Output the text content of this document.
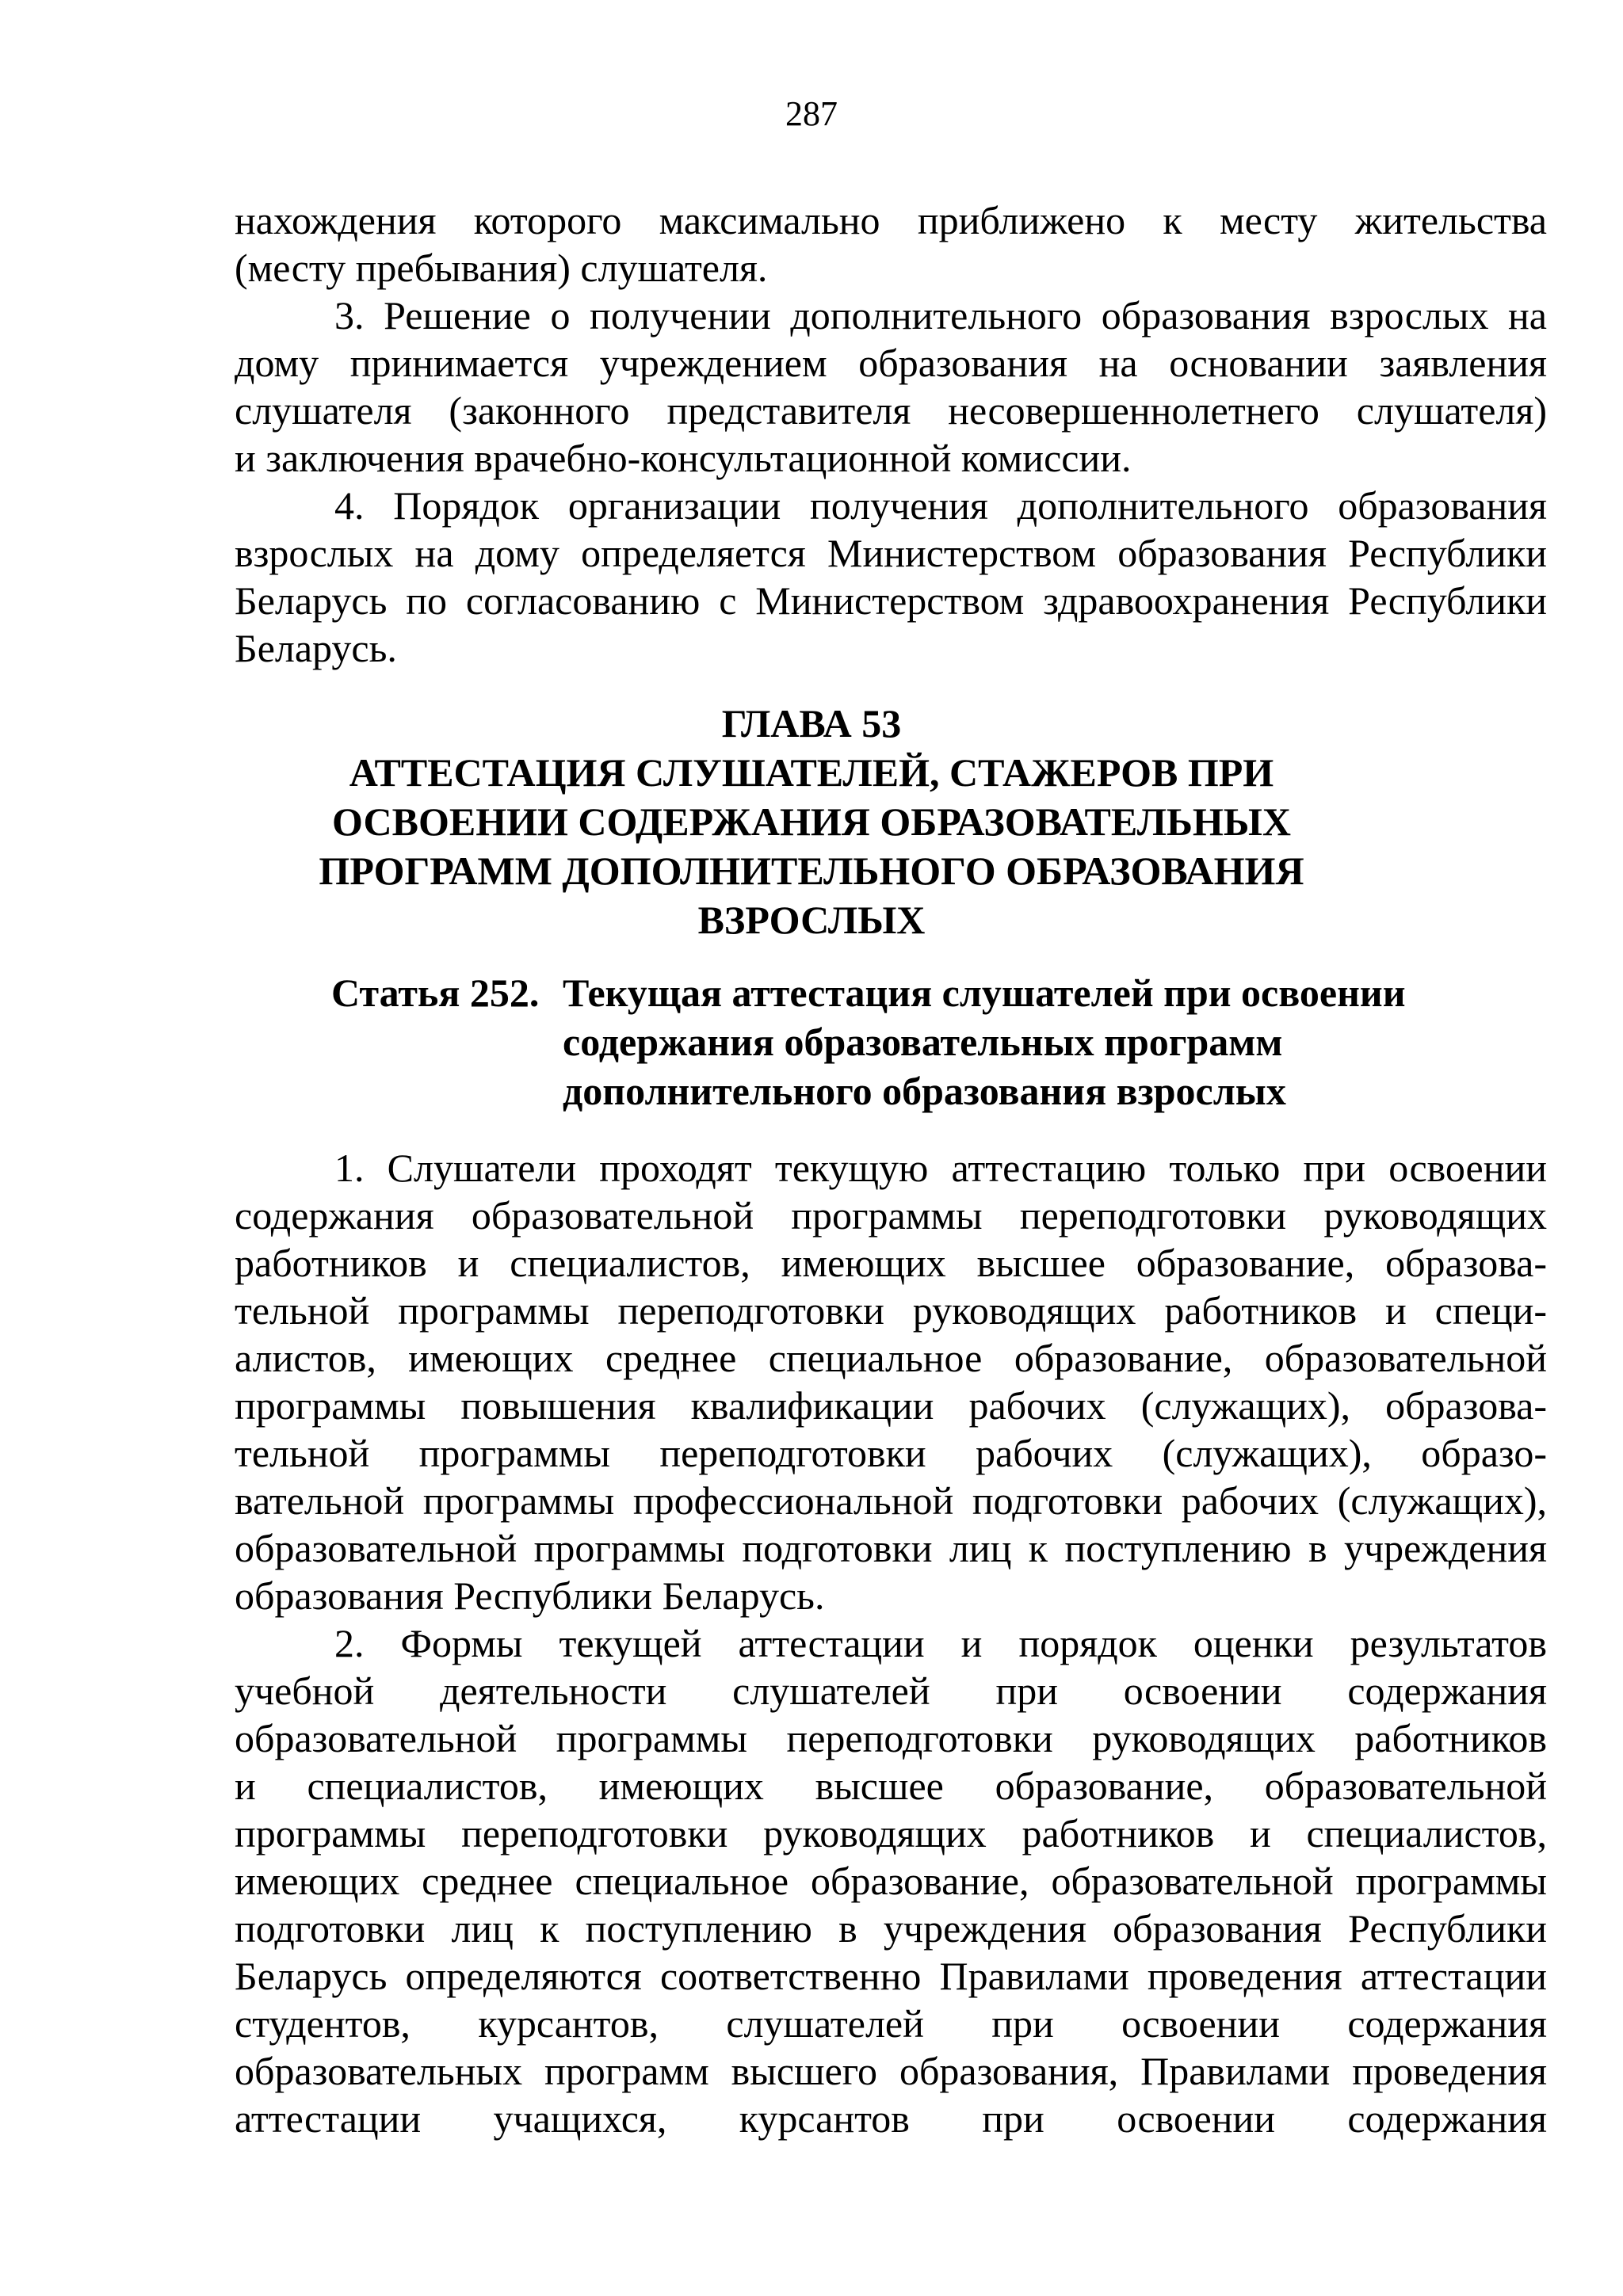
287
нахождения которого максимально приближено к месту жительства
(месту пребывания) слушателя.
3. Решение о получении дополнительного образования взрослых на
дому принимается учреждением образования на основании заявления
слушателя (законного представителя несовершеннолетнего слушателя)
и заключения врачебно-консультационной комиссии.
4. Порядок организации получения дополнительного образования
взрослых на дому определяется Министерством образования Республики
Беларусь по согласованию с Министерством здравоохранения Республики
Беларусь.
ГЛАВА 53
АТТЕСТАЦИЯ СЛУШАТЕЛЕЙ, СТАЖЕРОВ ПРИ
ОСВОЕНИИ СОДЕРЖАНИЯ ОБРАЗОВАТЕЛЬНЫХ
ПРОГРАММ ДОПОЛНИТЕЛЬНОГО ОБРАЗОВАНИЯ
ВЗРОСЛЫХ
Статья 252. Текущая аттестация слушателей при освоении
содержания образовательных программ
дополнительного образования взрослых
1. Слушатели проходят текущую аттестацию только при освоении
содержания образовательной программы переподготовки руководящих
работников и специалистов, имеющих высшее образование, образова-
тельной программы переподготовки руководящих работников и специ-
алистов, имеющих среднее специальное образование, образовательной
программы повышения квалификации рабочих (служащих), образова-
тельной программы переподготовки рабочих (служащих), образо-
вательной программы профессиональной подготовки рабочих (служащих),
образовательной программы подготовки лиц к поступлению в учреждения
образования Республики Беларусь.
2. Формы текущей аттестации и порядок оценки результатов
учебной деятельности слушателей при освоении содержания
образовательной программы переподготовки руководящих работников
и специалистов, имеющих высшее образование, образовательной
программы переподготовки руководящих работников и специалистов,
имеющих среднее специальное образование, образовательной программы
подготовки лиц к поступлению в учреждения образования Республики
Беларусь определяются соответственно Правилами проведения аттестации
студентов, курсантов, слушателей при освоении содержания
образовательных программ высшего образования, Правилами проведения
аттестации учащихся, курсантов при освоении содержания
